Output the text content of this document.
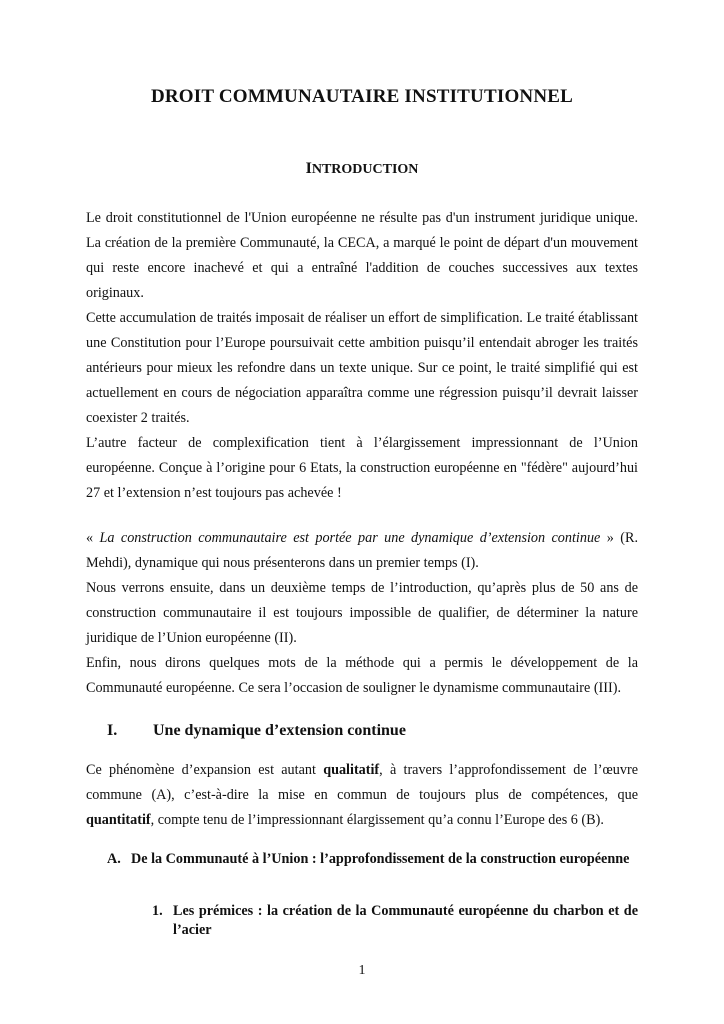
DROIT COMMUNAUTAIRE INSTITUTIONNEL
INTRODUCTION

Le droit constitutionnel de l'Union européenne ne résulte pas d'un instrument juridique unique. La création de la première Communauté, la CECA, a marqué le point de départ d'un mouvement qui reste encore inachevé et qui a entraîné l'addition de couches successives aux textes originaux.

Cette accumulation de traités imposait de réaliser un effort de simplification. Le traité établissant une Constitution pour l’Europe poursuivait cette ambition puisqu’il entendait abroger les traités antérieurs pour mieux les refondre dans un texte unique. Sur ce point, le traité simplifié qui est actuellement en cours de négociation apparaîtra comme une régression puisqu’il devrait laisser coexister 2 traités.

L’autre facteur de complexification tient à l’élargissement impressionnant de l’Union européenne. Conçue à l’origine pour 6 Etats, la construction européenne en "fédère" aujourd’hui 27 et l’extension n’est toujours pas achevée !

« La construction communautaire est portée par une dynamique d’extension continue » (R. Mehdi), dynamique qui nous présenterons dans un premier temps (I).

Nous verrons ensuite, dans un deuxième temps de l’introduction, qu’après plus de 50 ans de construction communautaire il est toujours impossible de qualifier, de déterminer la nature juridique de l’Union européenne (II).

Enfin, nous dirons quelques mots de la méthode qui a permis le développement de la Communauté européenne. Ce sera l’occasion de souligner le dynamisme communautaire (III).

I. Une dynamique d’extension continue

Ce phénomène d’expansion est autant qualitatif, à travers l’approfondissement de l’œuvre commune (A), c’est-à-dire la mise en commun de toujours plus de compétences, que quantitatif, compte tenu de l’impressionnant élargissement qu’a connu l’Europe des 6 (B).

A. De la Communauté à l’Union : l’approfondissement de la construction européenne
1. Les prémices : la création de la Communauté européenne du charbon et de l’acier
1
